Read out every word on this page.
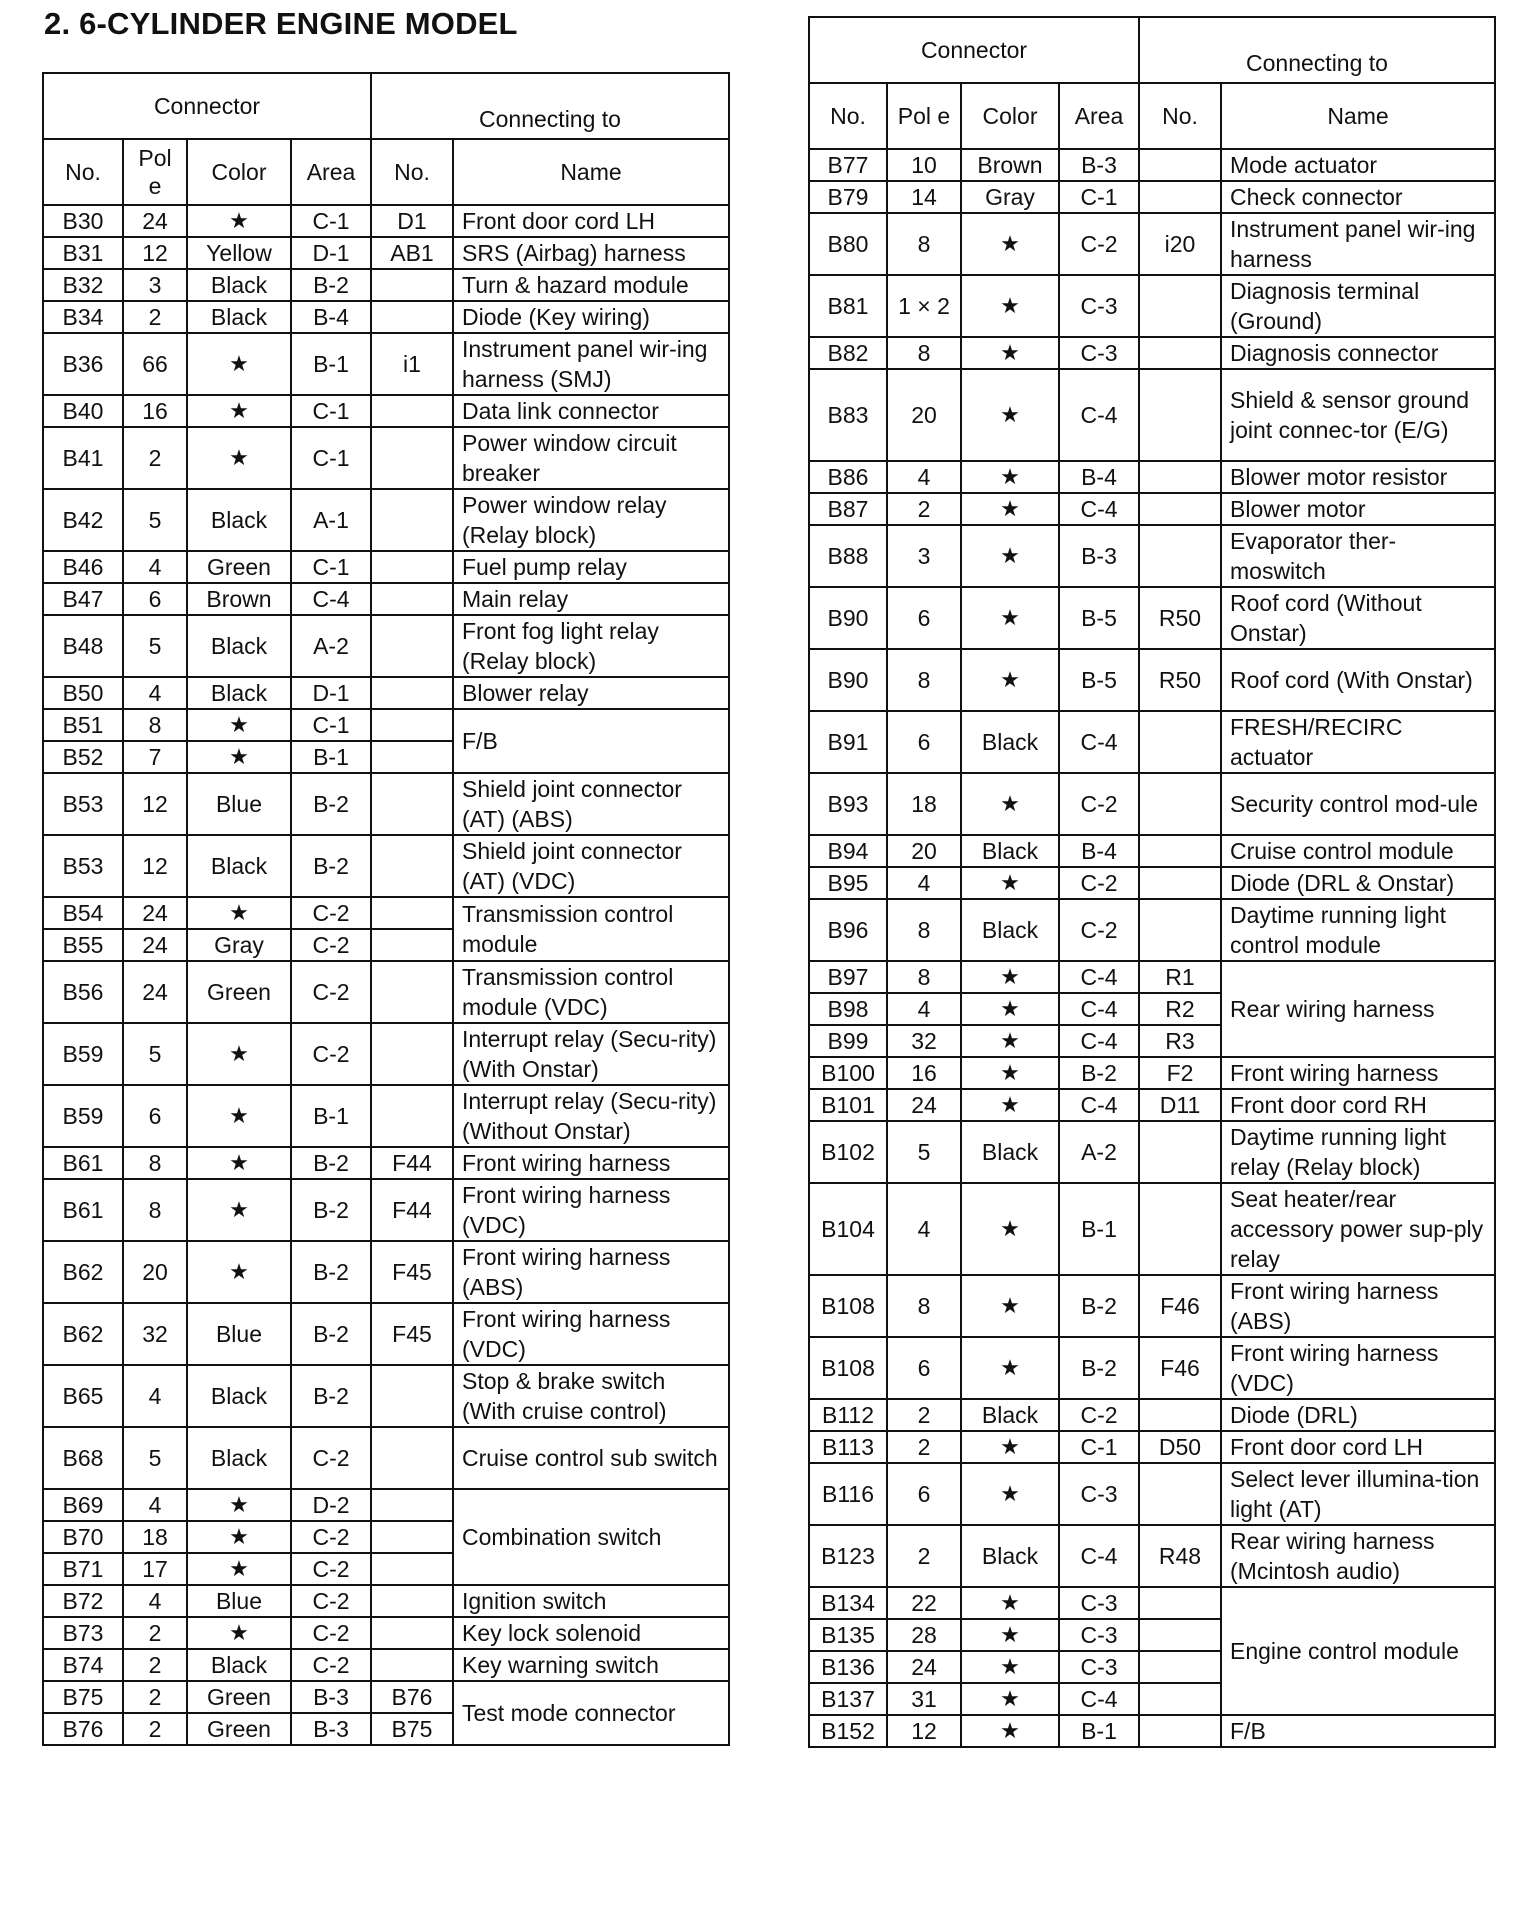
2. 6-CYLINDER ENGINE MODEL
Connector				Connecting to	
No.	Pol e	Color	Area	No.	Name
B30	24	★	C-1	D1	Front door cord LH
B31	12	Yellow	D-1	AB1	SRS (Airbag) harness
B32	3	Black	B-2		Turn & hazard module
B34	2	Black	B-4		Diode (Key wiring)
B36	66	★	B-1	i1	Instrument panel wir-ing harness (SMJ)
B40	16	★	C-1		Data link connector
B41	2	★	C-1		Power window circuit breaker
B42	5	Black	A-1		Power window relay (Relay block)
B46	4	Green	C-1		Fuel pump relay
B47	6	Brown	C-4		Main relay
B48	5	Black	A-2		Front fog light relay (Relay block)
B50	4	Black	D-1		Blower relay
B51	8	★	C-1		F/B
B52	7	★	B-1		
B53	12	Blue	B-2		Shield joint connector (AT) (ABS)
B53	12	Black	B-2		Shield joint connector (AT) (VDC)
B54	24	★	C-2		Transmission control module
B55	24	Gray	C-2		
B56	24	Green	C-2		Transmission control module (VDC)
B59	5	★	C-2		Interrupt relay (Secu-rity) (With Onstar)
B59	6	★	B-1		Interrupt relay (Secu-rity) (Without Onstar)
B61	8	★	B-2	F44	Front wiring harness
B61	8	★	B-2	F44	Front wiring harness (VDC)
B62	20	★	B-2	F45	Front wiring harness (ABS)
B62	32	Blue	B-2	F45	Front wiring harness (VDC)
B65	4	Black	B-2		Stop & brake switch (With cruise control)
B68	5	Black	C-2		Cruise control sub switch
B69	4	★	D-2		Combination switch
B70	18	★	C-2		
B71	17	★	C-2		
B72	4	Blue	C-2		Ignition switch
B73	2	★	C-2		Key lock solenoid
B74	2	Black	C-2		Key warning switch
B75	2	Green	B-3	B76	Test mode connector
B76	2	Green	B-3	B75	
Connector				Connecting to	
No.	Pol e	Color	Area	No.	Name
B77	10	Brown	B-3		Mode actuator
B79	14	Gray	C-1		Check connector
B80	8	★	C-2	i20	Instrument panel wir-ing harness
B81	1 × 2	★	C-3		Diagnosis terminal (Ground)
B82	8	★	C-3		Diagnosis connector
B83	20	★	C-4		Shield & sensor ground joint connec-tor (E/G)
B86	4	★	B-4		Blower motor resistor
B87	2	★	C-4		Blower motor
B88	3	★	B-3		Evaporator ther-moswitch
B90	6	★	B-5	R50	Roof cord (Without Onstar)
B90	8	★	B-5	R50	Roof cord (With Onstar)
B91	6	Black	C-4		FRESH/RECIRC actuator
B93	18	★	C-2		Security control mod-ule
B94	20	Black	B-4		Cruise control module
B95	4	★	C-2		Diode (DRL & Onstar)
B96	8	Black	C-2		Daytime running light control module
B97	8	★	C-4	R1	Rear wiring harness
B98	4	★	C-4	R2	
B99	32	★	C-4	R3	
B100	16	★	B-2	F2	Front wiring harness
B101	24	★	C-4	D11	Front door cord RH
B102	5	Black	A-2		Daytime running light relay (Relay block)
B104	4	★	B-1		Seat heater/rear accessory power sup-ply relay
B108	8	★	B-2	F46	Front wiring harness (ABS)
B108	6	★	B-2	F46	Front wiring harness (VDC)
B112	2	Black	C-2		Diode (DRL)
B113	2	★	C-1	D50	Front door cord LH
B116	6	★	C-3		Select lever illumina-tion light (AT)
B123	2	Black	C-4	R48	Rear wiring harness (Mcintosh audio)
B134	22	★	C-3		Engine control module
B135	28	★	C-3		
B136	24	★	C-3		
B137	31	★	C-4		
B152	12	★	B-1		F/B
